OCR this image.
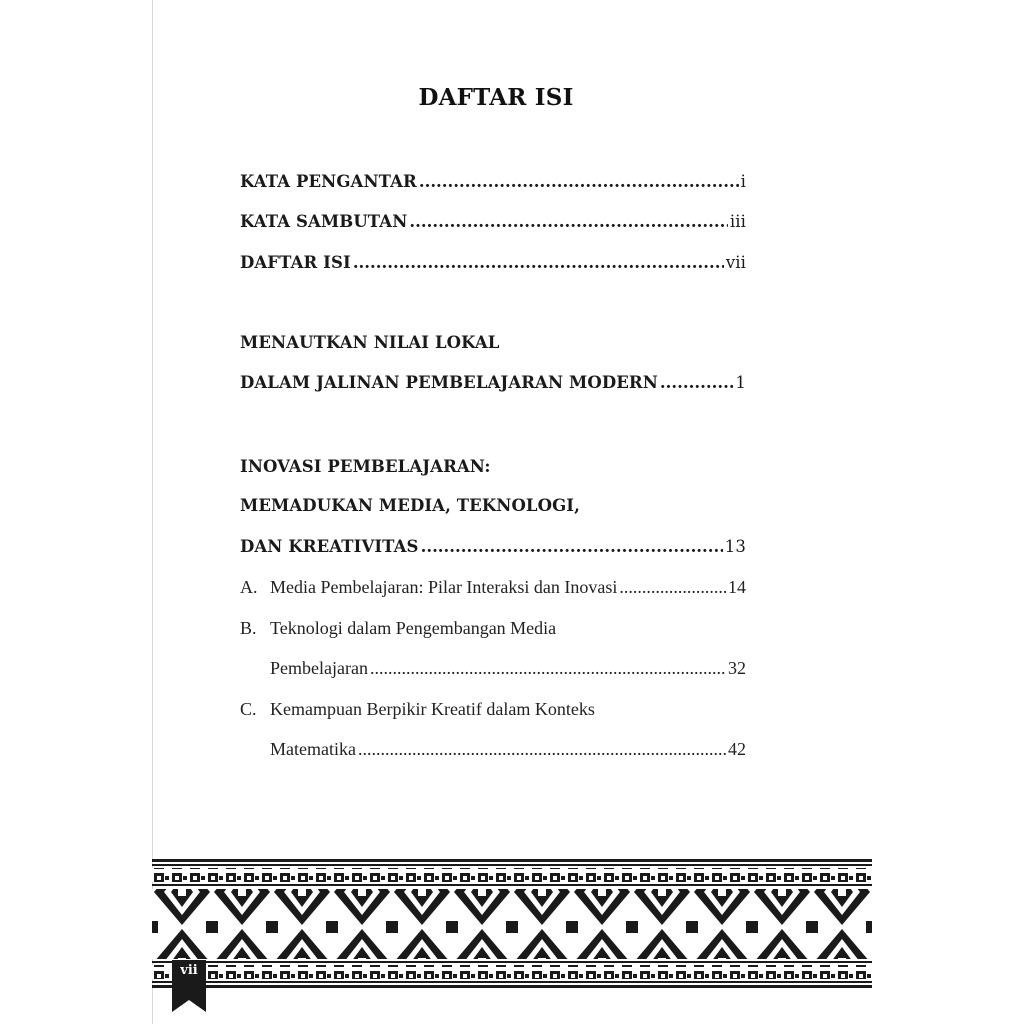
DAFTAR ISI
KATA PENGANTAR .....	i
KATA SAMBUTAN .....	iii
DAFTAR ISI .....	vii
MENAUTKAN NILAI LOKAL
DALAM JALINAN PEMBELAJARAN MODERN .....	1
INOVASI PEMBELAJARAN:
MEMADUKAN MEDIA, TEKNOLOGI,
DAN KREATIVITAS .....	13
A. Media Pembelajaran: Pilar Interaksi dan Inovasi .....	14
B. Teknologi dalam Pengembangan Media
Pembelajaran .....	32
C. Kemampuan Berpikir Kreatif dalam Konteks
Matematika .....	42
vii
